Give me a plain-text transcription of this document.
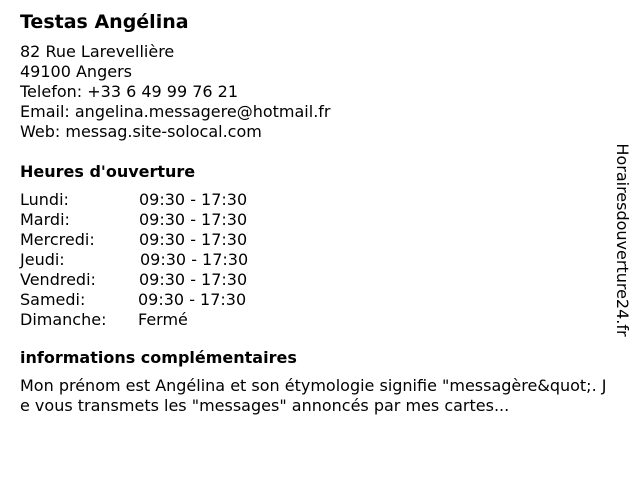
Testas Angélina
82 Rue Larevellière
49100 Angers
Telefon: +33 6 49 99 76 21
Email: angelina.messagere@hotmail.fr
Web: messag.site-solocal.com
Heures d'ouverture
Lundi:	09:30 - 17:30
Mardi:	09:30 - 17:30
Mercredi:	09:30 - 17:30
Jeudi:	09:30 - 17:30
Vendredi:	09:30 - 17:30
Samedi:	09:30 - 17:30
Dimanche: Fermé
informations complémentaires
Mon prénom est Angélina et son étymologie signifie "messagère&quot;. Je vous transmets les "messages" annoncés par mes cartes...
Horairesdouverture24.fr
